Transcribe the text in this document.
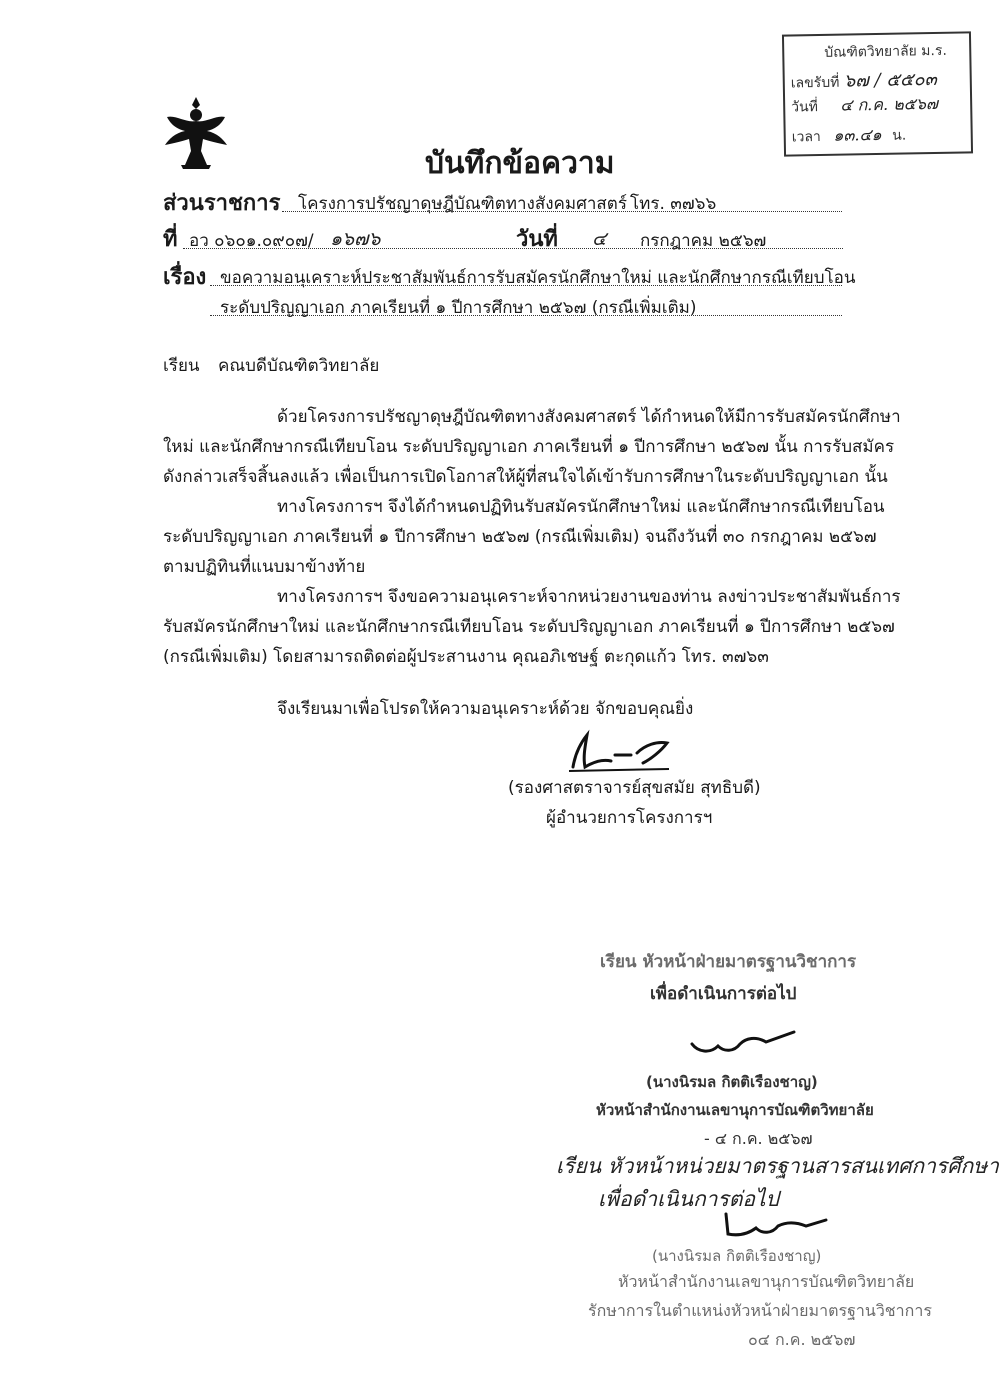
บัณฑิตวิทยาลัย ม.ร.
เลขรับที่ ๖๗ / ๕๕๐๓
วันที่ ๔ ก.ค. ๒๕๖๗
เวลา ๑๓.๔๑ น.
บันทึกข้อความ
ส่วนราชการ โครงการปรัชญาดุษฎีบัณฑิตทางสังคมศาสตร์ โทร. ๓๗๖๖
ที่ อว ๐๖๐๑.๐๙๐๗/ ๑๖๗๖	วันที่ ๔ กรกฎาคม ๒๕๖๗
เรื่อง ขอความอนุเคราะห์ประชาสัมพันธ์การรับสมัครนักศึกษาใหม่ และนักศึกษากรณีเทียบโอน
ระดับปริญญาเอก ภาคเรียนที่ ๑ ปีการศึกษา ๒๕๖๗ (กรณีเพิ่มเติม)
เรียน คณบดีบัณฑิตวิทยาลัย
ด้วยโครงการปรัชญาดุษฎีบัณฑิตทางสังคมศาสตร์ ได้กำหนดให้มีการรับสมัครนักศึกษา
ใหม่ และนักศึกษากรณีเทียบโอน ระดับปริญญาเอก ภาคเรียนที่ ๑ ปีการศึกษา ๒๕๖๗ นั้น การรับสมัคร
ดังกล่าวเสร็จสิ้นลงแล้ว เพื่อเป็นการเปิดโอกาสให้ผู้ที่สนใจได้เข้ารับการศึกษาในระดับปริญญาเอก นั้น
ทางโครงการฯ จึงได้กำหนดปฏิทินรับสมัครนักศึกษาใหม่ และนักศึกษากรณีเทียบโอน
ระดับปริญญาเอก ภาคเรียนที่ ๑ ปีการศึกษา ๒๕๖๗ (กรณีเพิ่มเติม) จนถึงวันที่ ๓๐ กรกฎาคม ๒๕๖๗
ตามปฏิทินที่แนบมาข้างท้าย
ทางโครงการฯ จึงขอความอนุเคราะห์จากหน่วยงานของท่าน ลงข่าวประชาสัมพันธ์การ
รับสมัครนักศึกษาใหม่ และนักศึกษากรณีเทียบโอน ระดับปริญญาเอก ภาคเรียนที่ ๑ ปีการศึกษา ๒๕๖๗
(กรณีเพิ่มเติม) โดยสามารถติดต่อผู้ประสานงาน คุณอภิเชษฐ์ ตะกุดแก้ว โทร. ๓๗๖๓
จึงเรียนมาเพื่อโปรดให้ความอนุเคราะห์ด้วย จักขอบคุณยิ่ง
(รองศาสตราจารย์สุขสมัย สุทธิบดี)
ผู้อำนวยการโครงการฯ
เรียน หัวหน้าฝ่ายมาตรฐานวิชาการ
เพื่อดำเนินการต่อไป
(นางนิรมล กิตติเรืองชาญ)
หัวหน้าสำนักงานเลขานุการบัณฑิตวิทยาลัย
- ๔ ก.ค. ๒๕๖๗
เรียน หัวหน้าหน่วยมาตรฐานสารสนเทศการศึกษา
เพื่อดำเนินการต่อไป
(นางนิรมล กิตติเรืองชาญ)
หัวหน้าสำนักงานเลขานุการบัณฑิตวิทยาลัย
รักษาการในตำแหน่งหัวหน้าฝ่ายมาตรฐานวิชาการ
๐๔ ก.ค. ๒๕๖๗
